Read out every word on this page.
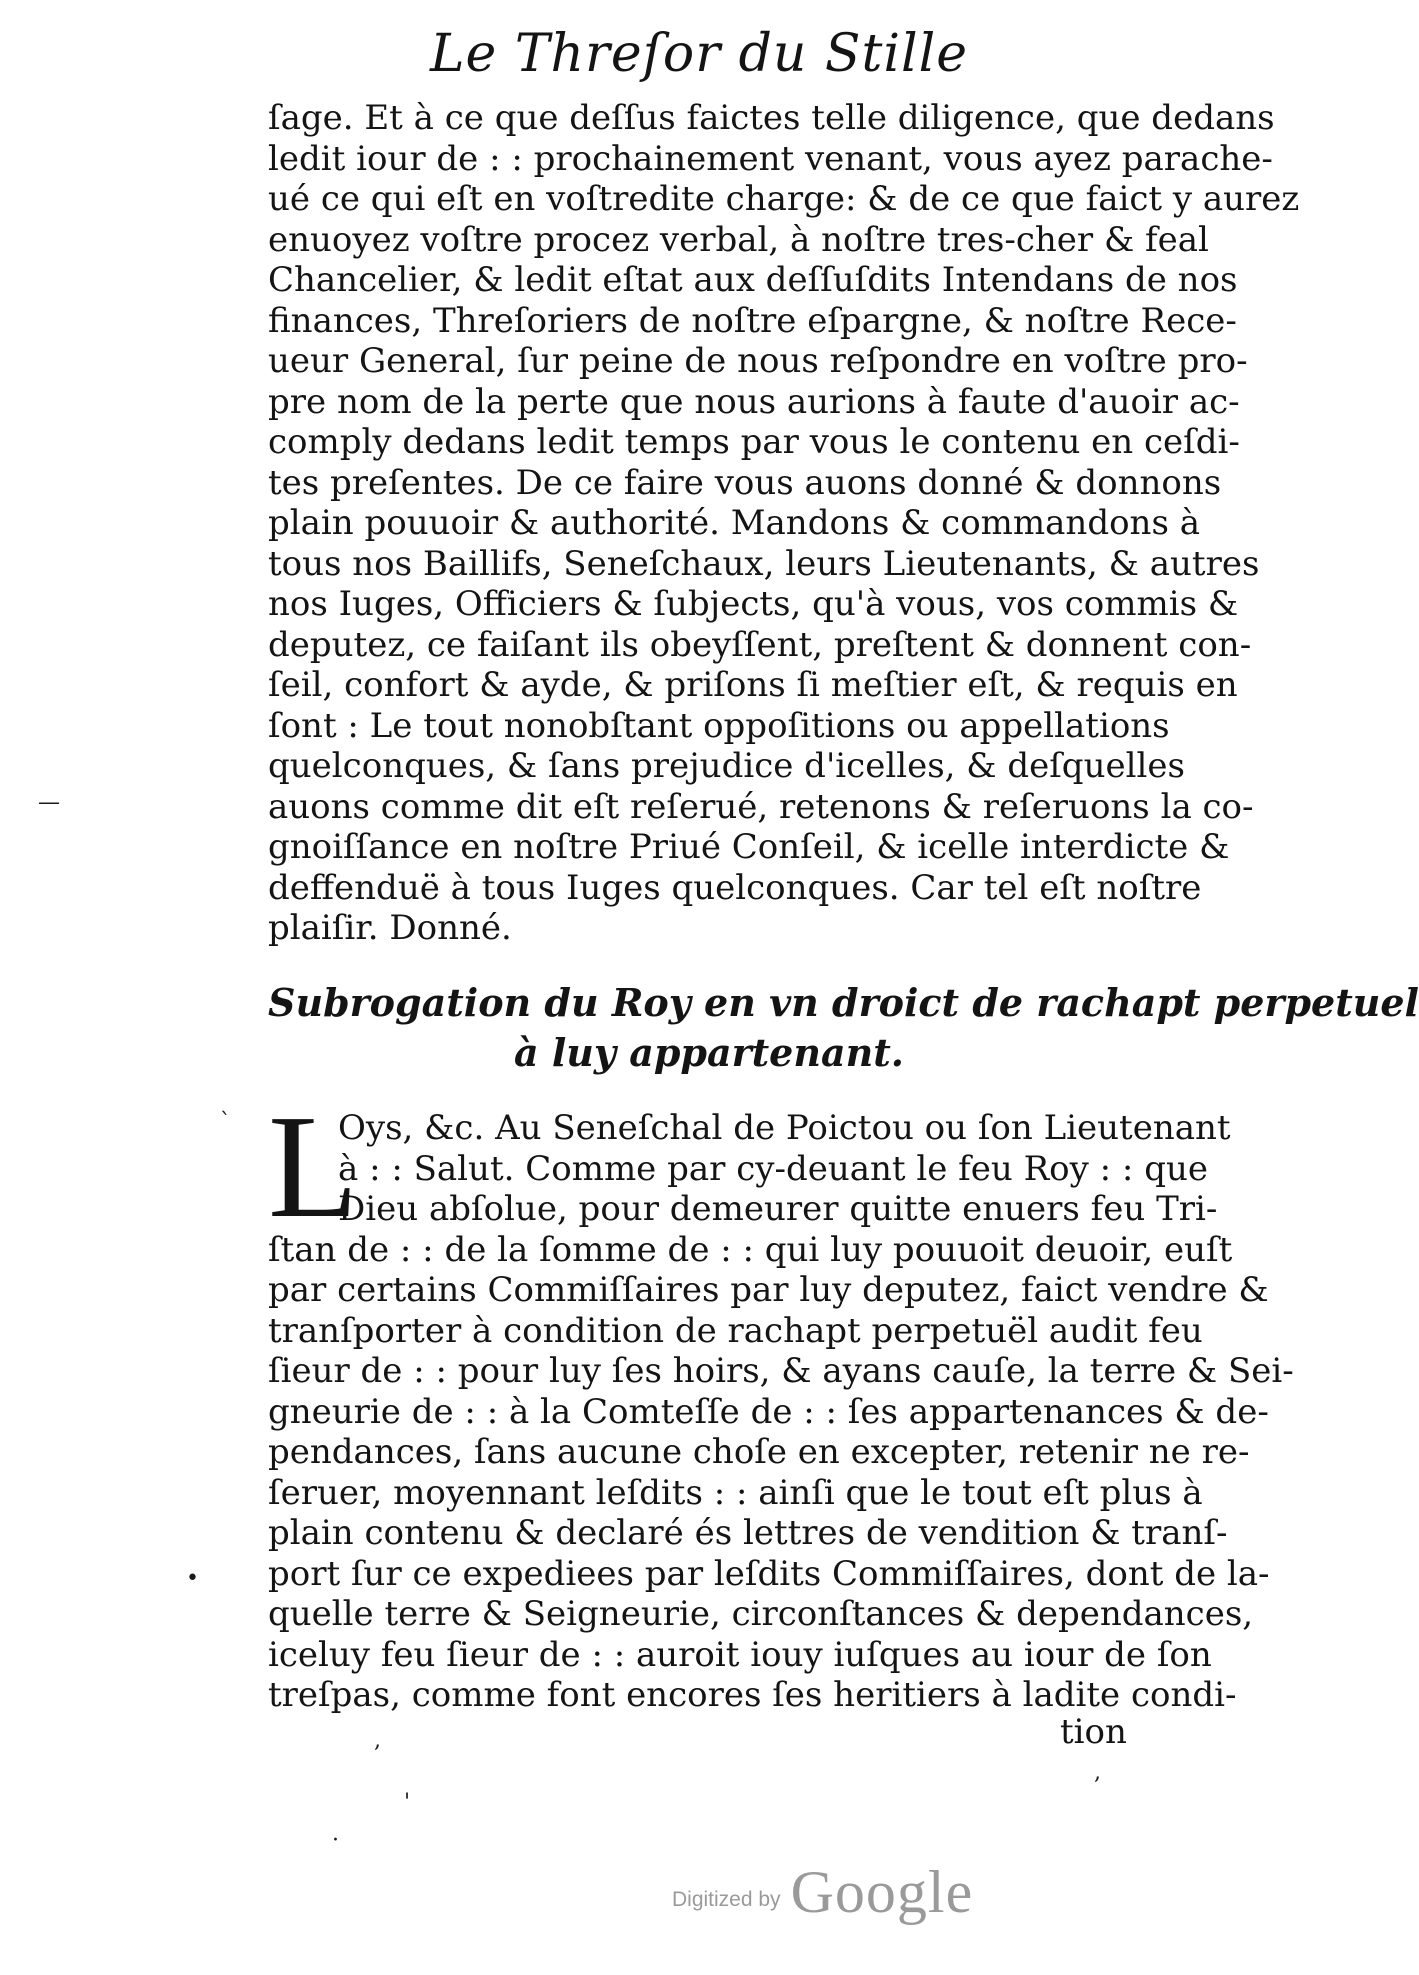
Le Threſor du Stille
ſage. Et à ce que deſſus faictes telle diligence, que dedans
ledit iour de : : prochainement venant, vous ayez parache-
ué ce qui eſt en voſtredite charge: & de ce que faict y aurez
enuoyez voſtre procez verbal, à noſtre tres-cher & feal
Chancelier, & ledit eſtat aux deſſuſdits Intendans de nos
finances, Threſoriers de noſtre eſpargne, & noſtre Rece-
ueur General, ſur peine de nous reſpondre en voſtre pro-
pre nom de la perte que nous aurions à faute d'auoir ac-
comply dedans ledit temps par vous le contenu en ceſdi-
tes preſentes. De ce faire vous auons donné & donnons
plain pouuoir & authorité. Mandons & commandons à
tous nos Baillifs, Seneſchaux, leurs Lieutenants, & autres
nos Iuges, Officiers & ſubjects, qu'à vous, vos commis &
deputez, ce faiſant ils obeyſſent, preſtent & donnent con-
ſeil, confort & ayde, & priſons ſi meſtier eſt, & requis en
ſont : Le tout nonobſtant oppoſitions ou appellations
quelconques, & ſans prejudice d'icelles, & deſquelles
auons comme dit eſt reſerué, retenons & reſeruons la co-
gnoiſſance en noſtre Priué Conſeil, & icelle interdicte &
deffenduë à tous Iuges quelconques. Car tel eſt noſtre
plaiſir. Donné.
Subrogation du Roy en vn droict de rachapt perpetuel
à luy appartenant.
L
Oys, &c. Au Seneſchal de Poictou ou ſon Lieutenant
à : : Salut. Comme par cy-deuant le feu Roy : : que
Dieu abſolue, pour demeurer quitte enuers feu Tri-
ſtan de : : de la ſomme de : : qui luy pouuoit deuoir, euſt
par certains Commiſſaires par luy deputez, faict vendre &
tranſporter à condition de rachapt perpetuël audit feu
ſieur de : : pour luy ſes hoirs, & ayans cauſe, la terre & Sei-
gneurie de : : à la Comteſſe de : : ſes appartenances & de-
pendances, ſans aucune choſe en excepter, retenir ne re-
ſeruer, moyennant leſdits : : ainſi que le tout eſt plus à
plain contenu & declaré és lettres de vendition & tranſ-
port ſur ce expediees par leſdits Commiſſaires, dont de la-
quelle terre & Seigneurie, circonſtances & dependances,
iceluy feu ſieur de : : auroit iouy iuſques au iour de ſon
treſpas, comme font encores ſes heritiers à ladite condi-
tion
—
`
•
,
'
·
,
Digitized by Google
